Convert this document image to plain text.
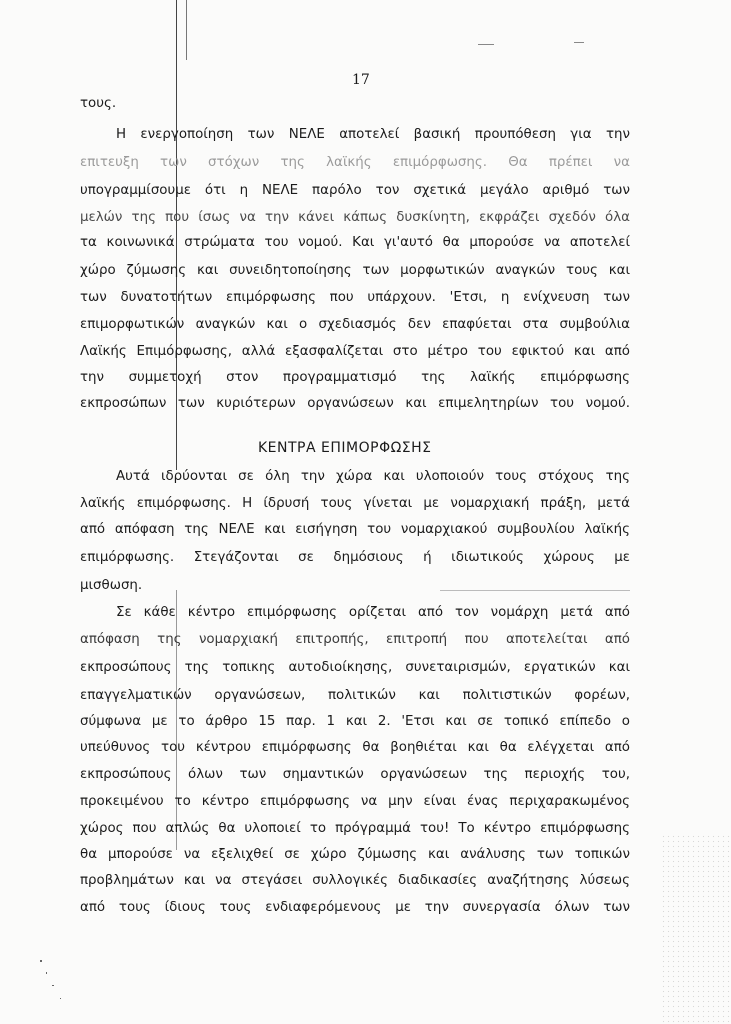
17
τους.
Η ενεργοποίηση των ΝΕΛΕ αποτελεί βασική προυπόθεση για την
επιτευξη των στόχων της λαϊκής επιμόρφωσης. Θα πρέπει να
υπογραμμίσουμε ότι η ΝΕΛΕ παρόλο τον σχετικά μεγάλο αριθμό των
μελών της που ίσως να την κάνει κάπως δυσκίνητη, εκφράζει σχεδόν όλα
τα κοινωνικά στρώματα του νομού. Και γι'αυτό θα μπορούσε να αποτελεί
χώρο ζύμωσης και συνειδητοποίησης των μορφωτικών αναγκών τους και
των δυνατοτήτων επιμόρφωσης που υπάρχουν. 'Ετσι, η ενίχνευση των
επιμορφωτικών αναγκών και ο σχεδιασμός δεν επαφύεται στα συμβούλια
Λαϊκής Επιμόρφωσης, αλλά εξασφαλίζεται στο μέτρο του εφικτού και από
την συμμετοχή στον προγραμματισμό της λαϊκής επιμόρφωσης
εκπροσώπων των κυριότερων οργανώσεων και επιμελητηρίων του νομού.
ΚΕΝΤΡΑ ΕΠΙΜΟΡΦΩΣΗΣ
Αυτά ιδρύονται σε όλη την χώρα και υλοποιούν τους στόχους της
λαϊκής επιμόρφωσης. Η ίδρυσή τους γίνεται με νομαρχιακή πράξη, μετά
από απόφαση της ΝΕΛΕ και εισήγηση του νομαρχιακού συμβουλίου λαϊκής
επιμόρφωσης. Στεγάζονται σε δημόσιους ή ιδιωτικούς χώρους με
μισθωση.
Σε κάθε κέντρο επιμόρφωσης ορίζεται από τον νομάρχη μετά από
απόφαση της νομαρχιακή επιτροπής, επιτροπή που αποτελείται από
εκπροσώπους της τοπικης αυτοδιοίκησης, συνεταιρισμών, εργατικών και
επαγγελματικών οργανώσεων, πολιτικών και πολιτιστικών φορέων,
σύμφωνα με το άρθρο 15 παρ. 1 και 2. 'Ετσι και σε τοπικό επίπεδο ο
υπεύθυνος του κέντρου επιμόρφωσης θα βοηθιέται και θα ελέγχεται από
εκπροσώπους όλων των σημαντικών οργανώσεων της περιοχής του,
προκειμένου το κέντρο επιμόρφωσης να μην είναι ένας περιχαρακωμένος
χώρος που απλώς θα υλοποιεί το πρόγραμμά του! Το κέντρο επιμόρφωσης
θα μπορούσε να εξελιχθεί σε χώρο ζύμωσης και ανάλυσης των τοπικών
προβλημάτων και να στεγάσει συλλογικές διαδικασίες αναζήτησης λύσεως
από τους ίδιους τους ενδιαφερόμενους με την συνεργασία όλων των
